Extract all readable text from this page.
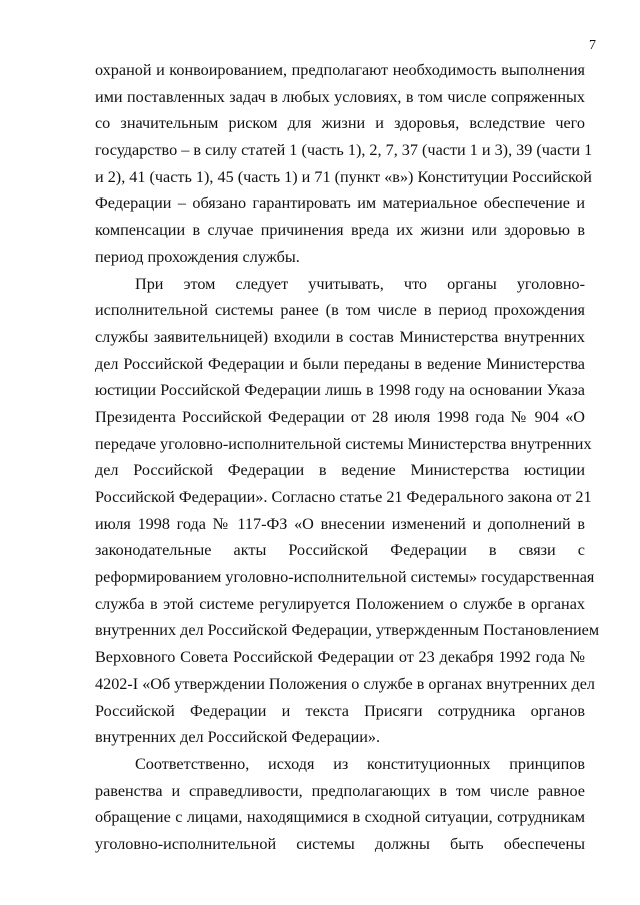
7
охраной и конвоированием, предполагают необходимость выполнения
ими поставленных задач в любых условиях, в том числе сопряженных
со значительным риском для жизни и здоровья, вследствие чего
государство – в силу статей 1 (часть 1), 2, 7, 37 (части 1 и 3), 39 (части 1
и 2), 41 (часть 1), 45 (часть 1) и 71 (пункт «в») Конституции Российской
Федерации – обязано гарантировать им материальное обеспечение и
компенсации в случае причинения вреда их жизни или здоровью в
период прохождения службы.
При этом следует учитывать, что органы уголовно-
исполнительной системы ранее (в том числе в период прохождения
службы заявительницей) входили в состав Министерства внутренних
дел Российской Федерации и были переданы в ведение Министерства
юстиции Российской Федерации лишь в 1998 году на основании Указа
Президента Российской Федерации от 28 июля 1998 года № 904 «О
передаче уголовно-исполнительной системы Министерства внутренних
дел Российской Федерации в ведение Министерства юстиции
Российской Федерации». Согласно статье 21 Федерального закона от 21
июля 1998 года № 117-ФЗ «О внесении изменений и дополнений в
законодательные акты Российской Федерации в связи с
реформированием уголовно-исполнительной системы» государственная
служба в этой системе регулируется Положением о службе в органах
внутренних дел Российской Федерации, утвержденным Постановлением
Верховного Совета Российской Федерации от 23 декабря 1992 года №
4202-I «Об утверждении Положения о службе в органах внутренних дел
Российской Федерации и текста Присяги сотрудника органов
внутренних дел Российской Федерации».
Соответственно, исходя из конституционных принципов
равенства и справедливости, предполагающих в том числе равное
обращение с лицами, находящимися в сходной ситуации, сотрудникам
уголовно-исполнительной системы должны быть обеспечены
